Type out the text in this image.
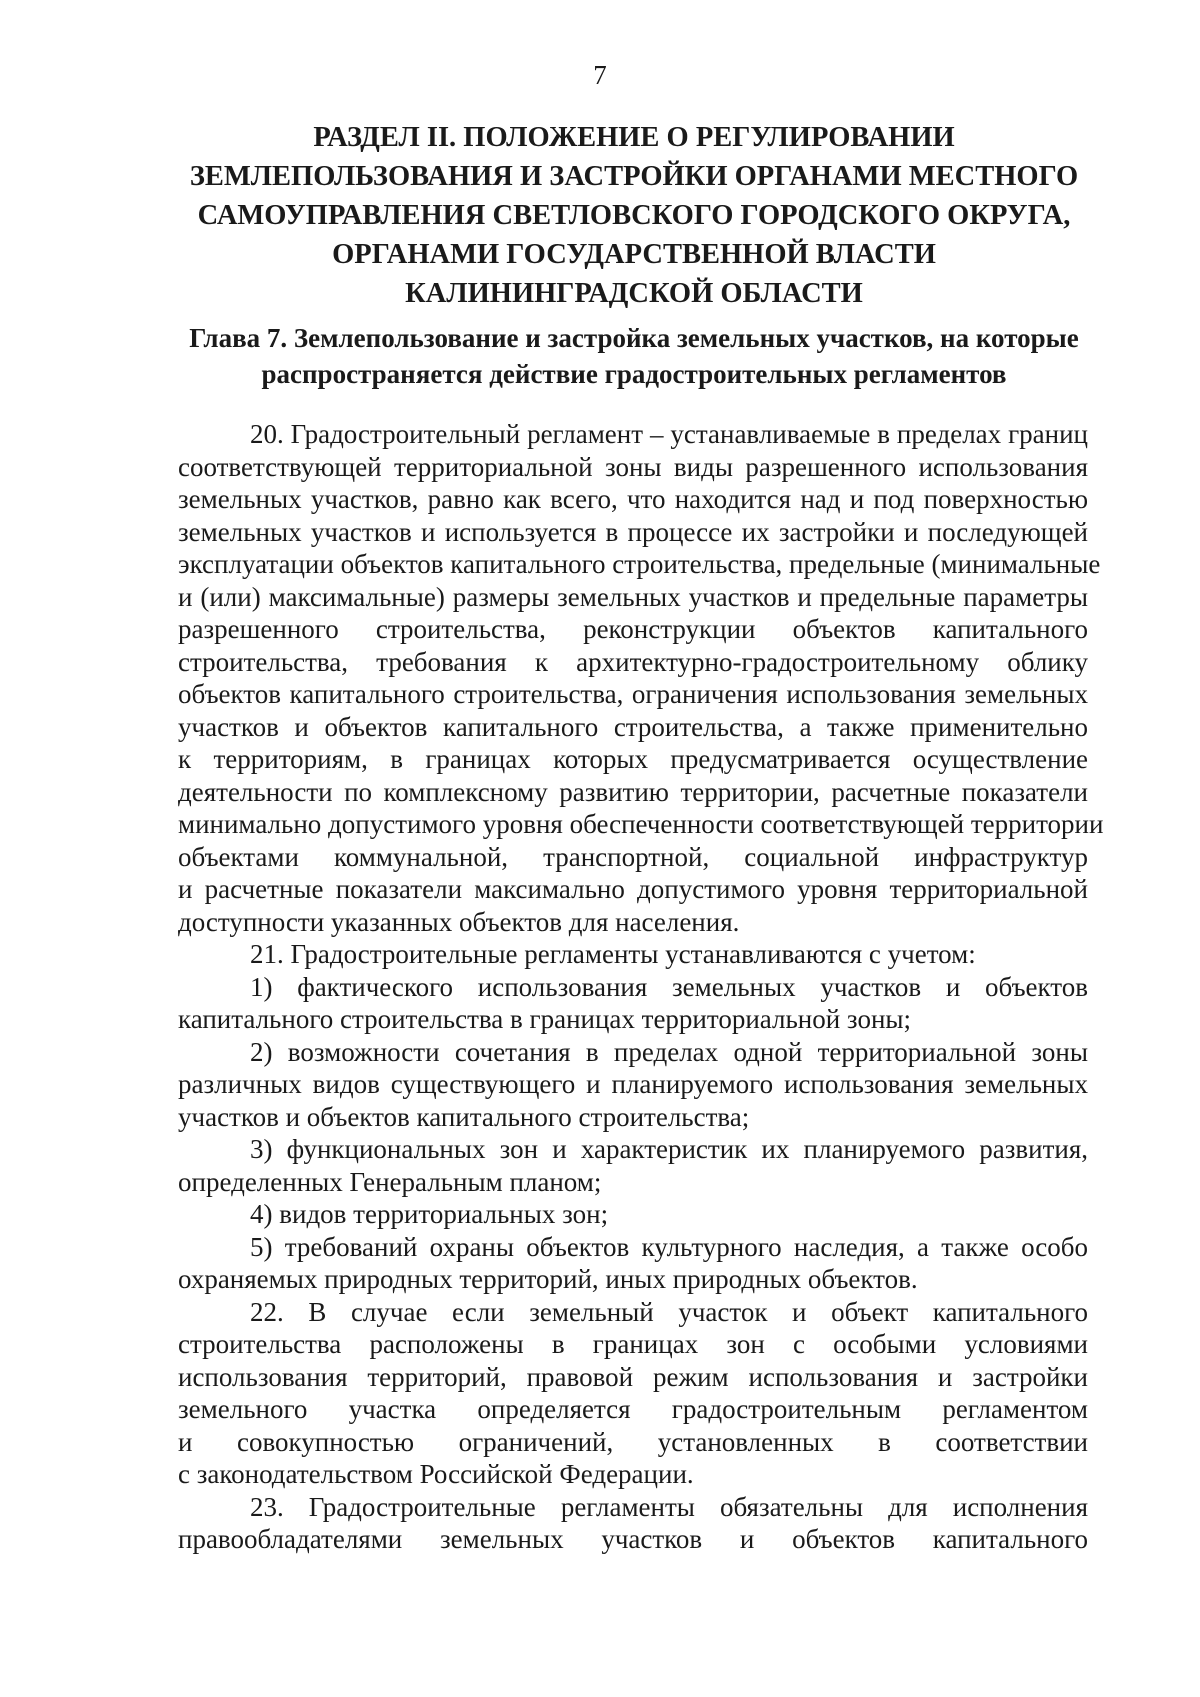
7
РАЗДЕЛ II. ПОЛОЖЕНИЕ О РЕГУЛИРОВАНИИ
ЗЕМЛЕПОЛЬЗОВАНИЯ И ЗАСТРОЙКИ ОРГАНАМИ МЕСТНОГО
САМОУПРАВЛЕНИЯ СВЕТЛОВСКОГО ГОРОДСКОГО ОКРУГА,
ОРГАНАМИ ГОСУДАРСТВЕННОЙ ВЛАСТИ
КАЛИНИНГРАДСКОЙ ОБЛАСТИ
Глава 7. Землепользование и застройка земельных участков, на которые
распространяется действие градостроительных регламентов
20. Градостроительный регламент – устанавливаемые в пределах границ
соответствующей территориальной зоны виды разрешенного использования
земельных участков, равно как всего, что находится над и под поверхностью
земельных участков и используется в процессе их застройки и последующей
эксплуатации объектов капитального строительства, предельные (минимальные
и (или) максимальные) размеры земельных участков и предельные параметры
разрешенного строительства, реконструкции объектов капитального
строительства, требования к архитектурно-градостроительному облику
объектов капитального строительства, ограничения использования земельных
участков и объектов капитального строительства, а также применительно
к территориям, в границах которых предусматривается осуществление
деятельности по комплексному развитию территории, расчетные показатели
минимально допустимого уровня обеспеченности соответствующей территории
объектами коммунальной, транспортной, социальной инфраструктур
и расчетные показатели максимально допустимого уровня территориальной
доступности указанных объектов для населения.
21. Градостроительные регламенты устанавливаются с учетом:
1) фактического использования земельных участков и объектов
капитального строительства в границах территориальной зоны;
2) возможности сочетания в пределах одной территориальной зоны
различных видов существующего и планируемого использования земельных
участков и объектов капитального строительства;
3) функциональных зон и характеристик их планируемого развития,
определенных Генеральным планом;
4) видов территориальных зон;
5) требований охраны объектов культурного наследия, а также особо
охраняемых природных территорий, иных природных объектов.
22. В случае если земельный участок и объект капитального
строительства расположены в границах зон с особыми условиями
использования территорий, правовой режим использования и застройки
земельного участка определяется градостроительным регламентом
и совокупностью ограничений, установленных в соответствии
с законодательством Российской Федерации.
23. Градостроительные регламенты обязательны для исполнения
правообладателями земельных участков и объектов капитального
